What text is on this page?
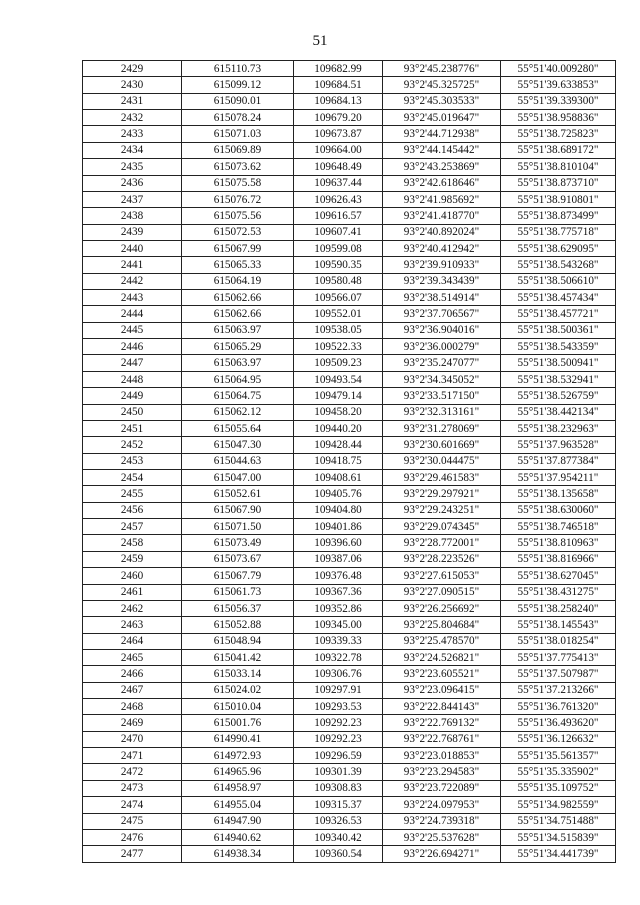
51
2429	615110.73	109682.99	93°2'45.238776"	55°51'40.009280"
2430	615099.12	109684.51	93°2'45.325725"	55°51'39.633853"
2431	615090.01	109684.13	93°2'45.303533"	55°51'39.339300"
2432	615078.24	109679.20	93°2'45.019647"	55°51'38.958836"
2433	615071.03	109673.87	93°2'44.712938"	55°51'38.725823"
2434	615069.89	109664.00	93°2'44.145442"	55°51'38.689172"
2435	615073.62	109648.49	93°2'43.253869"	55°51'38.810104"
2436	615075.58	109637.44	93°2'42.618646"	55°51'38.873710"
2437	615076.72	109626.43	93°2'41.985692"	55°51'38.910801"
2438	615075.56	109616.57	93°2'41.418770"	55°51'38.873499"
2439	615072.53	109607.41	93°2'40.892024"	55°51'38.775718"
2440	615067.99	109599.08	93°2'40.412942"	55°51'38.629095"
2441	615065.33	109590.35	93°2'39.910933"	55°51'38.543268"
2442	615064.19	109580.48	93°2'39.343439"	55°51'38.506610"
2443	615062.66	109566.07	93°2'38.514914"	55°51'38.457434"
2444	615062.66	109552.01	93°2'37.706567"	55°51'38.457721"
2445	615063.97	109538.05	93°2'36.904016"	55°51'38.500361"
2446	615065.29	109522.33	93°2'36.000279"	55°51'38.543359"
2447	615063.97	109509.23	93°2'35.247077"	55°51'38.500941"
2448	615064.95	109493.54	93°2'34.345052"	55°51'38.532941"
2449	615064.75	109479.14	93°2'33.517150"	55°51'38.526759"
2450	615062.12	109458.20	93°2'32.313161"	55°51'38.442134"
2451	615055.64	109440.20	93°2'31.278069"	55°51'38.232963"
2452	615047.30	109428.44	93°2'30.601669"	55°51'37.963528"
2453	615044.63	109418.75	93°2'30.044475"	55°51'37.877384"
2454	615047.00	109408.61	93°2'29.461583"	55°51'37.954211"
2455	615052.61	109405.76	93°2'29.297921"	55°51'38.135658"
2456	615067.90	109404.80	93°2'29.243251"	55°51'38.630060"
2457	615071.50	109401.86	93°2'29.074345"	55°51'38.746518"
2458	615073.49	109396.60	93°2'28.772001"	55°51'38.810963"
2459	615073.67	109387.06	93°2'28.223526"	55°51'38.816966"
2460	615067.79	109376.48	93°2'27.615053"	55°51'38.627045"
2461	615061.73	109367.36	93°2'27.090515"	55°51'38.431275"
2462	615056.37	109352.86	93°2'26.256692"	55°51'38.258240"
2463	615052.88	109345.00	93°2'25.804684"	55°51'38.145543"
2464	615048.94	109339.33	93°2'25.478570"	55°51'38.018254"
2465	615041.42	109322.78	93°2'24.526821"	55°51'37.775413"
2466	615033.14	109306.76	93°2'23.605521"	55°51'37.507987"
2467	615024.02	109297.91	93°2'23.096415"	55°51'37.213266"
2468	615010.04	109293.53	93°2'22.844143"	55°51'36.761320"
2469	615001.76	109292.23	93°2'22.769132"	55°51'36.493620"
2470	614990.41	109292.23	93°2'22.768761"	55°51'36.126632"
2471	614972.93	109296.59	93°2'23.018853"	55°51'35.561357"
2472	614965.96	109301.39	93°2'23.294583"	55°51'35.335902"
2473	614958.97	109308.83	93°2'23.722089"	55°51'35.109752"
2474	614955.04	109315.37	93°2'24.097953"	55°51'34.982559"
2475	614947.90	109326.53	93°2'24.739318"	55°51'34.751488"
2476	614940.62	109340.42	93°2'25.537628"	55°51'34.515839"
2477	614938.34	109360.54	93°2'26.694271"	55°51'34.441739"
